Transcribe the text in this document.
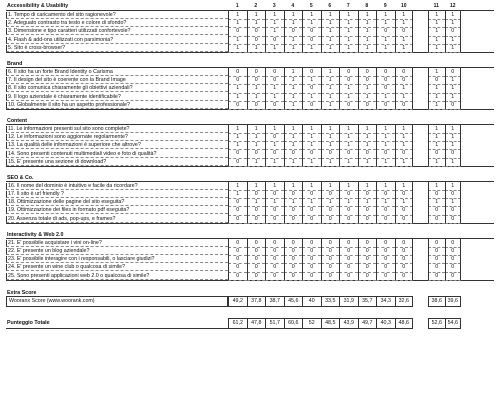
Accessibility & Usability	1	2	3	4	5	6	7	8	9	10	11	12
1. Tempo di caricamento del sito ragionevole?	1	1	1	1	1	1	1	1	1	1	1	1
2. Adeguato contrasto tra testo e colore di sfondo?	1	1	1	1	1	1	1	1	1	1	1	1
3. Dimensione e tipo caratteri utilizzati confortevole?	0	0	1	0	0	1	1	1	0	0	1	0
4. Flash & add-ons utilizzati con parsimonia?	1	0	0	1	0	1	1	1	1	1	1	1
5. Sito è cross-browser?	1	1	1	1	1	1	1	1	1	1	1	1
Brand
6. Il sito ha un forte Brand Identity o Carisma	0	0	0	1	0	1	0	0	0	0	1	0
7. Il design del sito è coerente con la Brand Image	0	0	0	1	1	1	0	0	0	0	0	1
8. Il sito comunica chiaramente gli obiettivi aziendali?	1	1	1	1	0	1	1	1	0	1	1	1
9. Il logo aziendale è chiaramente identificabile?	1	1	1	1	1	1	1	1	1	1	1	1
10. Globalmente il sito ha un aspetto professionale?	0	0	0	1	0	1	0	0	0	0	1	0
Content
11. Le informazioni presenti sul sito sono complete?	1	1	1	1	1	1	1	1	1	1	1	1
12. Le informazioni sono aggiornate regolarmente?	1	1	0	1	1	1	1	1	1	1	1	1
13. La qualità delle informazioni è superiore che altrove?	1	1	1	1	1	1	1	1	1	1	1	1
14. Sono presenti contenuti multimediali video e foto di qualità?	0	0	0	0	0	0	0	0	0	0	0	0
15. E' presente una sezione di download?	0	1	1	1	1	1	1	1	1	1	1	1
SEO & Co.
16. Il nome del dominio è intuitivo e facile da ricordare?	1	1	1	1	1	1	1	1	1	1	1	1
17. Il sito è url friendly ?	1	0	0	0	0	0	0	0	0	0	0	0
18. Ottimizzazione delle pagine del sito eseguita?	0	1	1	1	1	1	1	1	1	1	1	1
19. Ottimizzazione dei files in formato pdf eseguita?	0	0	0	0	0	0	0	0	0	0	0	0
20. Assenza totale di ads, pop-ups, e frames?	0	0	0	0	0	0	0	0	0	0	0	0
Interactivity & Web 2.0
21. E' possibile acquistare i vini on-line?	0	0	0	0	0	0	0	0	0	0	0	0
22. E' presente un blog aziendale?	0	0	0	0	0	0	0	0	0	0	0	0
23. E' possibile interagire con i responsabili, o lasciare giudizi?	0	0	0	0	0	0	0	0	0	0	0	0
24. E' presente un wine club o qualcosa di simile?	0	0	0	0	0	0	0	0	0	0	0	0
25. Sono presenti applicazioni web 2.0 o qualcosa di simile?	0	0	0	0	0	0	0	0	0	0	0	0
Extra Score
Wooranx Score (www.woorank.com)	49,2	37,8	38,7	45,6	40	33,5	31,9	35,7	34,3	32,6	38,6	39,6
Punteggio Totale	61,2	47,8	51,7	60,6	52	48,5	43,9	49,7	40,3	48,6	52,6	54,6
